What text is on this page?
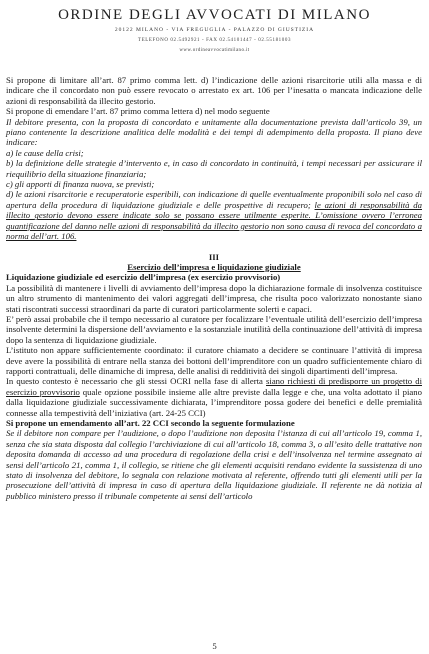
ORDINE DEGLI AVVOCATI DI MILANO
20122 MILANO - VIA FREGUGLIA - PALAZZO DI GIUSTIZIA
TELEFONO 02.5492921 - FAX 02.54101447 - 02.55181003
www.ordineavvocatimilano.it

Si propone di limitare all’art. 87 primo comma lett. d) l’indicazione delle azioni risarcitorie utili alla massa e di indicare che il concordato non può essere revocato o arrestato ex art. 106 per l’inesatta o mancata indicazione delle azioni di responsabilità da illecito gestorio.

Si propone di emendare l’art. 87 primo comma lettera d) nel modo seguente

Il debitore presenta, con la proposta di concordato e unitamente alla documentazione prevista dall’articolo 39, un piano contenente la descrizione analitica delle modalità e dei tempi di adempimento della proposta. Il piano deve indicare:

a) le cause della crisi;

b) la definizione delle strategie d’intervento e, in caso di concordato in continuità, i tempi necessari per assicurare il riequilibrio della situazione finanziaria;

c) gli apporti di finanza nuova, se previsti;

d) le azioni risarcitorie e recuperatorie esperibili, con indicazione di quelle eventualmente proponibili solo nel caso di apertura della procedura di liquidazione giudiziale e delle prospettive di recupero; le azioni di responsabilità da illecito gestorio devono essere indicate solo se possano essere utilmente esperite. L’omissione ovvero l’erronea quantificazione del danno nelle azioni di responsabilità da illecito gestorio non sono causa di revoca del concordato a norma dell’art. 106.

III

Esercizio dell’impresa e liquidazione giudiziale

Liquidazione giudiziale ed esercizio dell’impresa (ex esercizio provvisorio)

La possibilità di mantenere i livelli di avviamento dell’impresa dopo la dichiarazione formale di insolvenza costituisce un altro strumento di mantenimento dei valori aggregati dell’impresa, che risulta poco valorizzato nonostante siano stati riscontrati successi straordinari da parte di curatori particolarmente solerti e capaci.

E’ però assai probabile che il tempo necessario al curatore per focalizzare l’eventuale utilità dell’esercizio dell’impresa insolvente determini la dispersione dell’avviamento e la sostanziale inutilità della continuazione dell’attività di impresa dopo la sentenza di liquidazione giudiziale.

L’istituto non appare sufficientemente coordinato: il curatore chiamato a decidere se continuare l’attività di impresa deve avere la possibilità di entrare nella stanza dei bottoni dell’imprenditore con un quadro sufficientemente chiaro di rapporti contrattuali, delle dinamiche di impresa, delle analisi di redditività dei singoli dipartimenti dell’impresa.

In questo contesto è necessario che gli stessi OCRI nella fase di allerta siano richiesti di predisporre un progetto di esercizio provvisorio quale opzione possibile insieme alle altre previste dalla legge e che, una volta adottato il piano dalla liquidazione giudiziale successivamente dichiarata, l’imprenditore possa godere dei benefici e delle premialità connesse alla tempestività dell’iniziativa (art. 24-25 CCI)

Si propone un emendamento all’art. 22 CCI secondo la seguente formulazione

Se il debitore non compare per l’audizione, o dopo l’audizione non deposita l’istanza di cui all’articolo 19, comma 1, senza che sia stata disposta dal collegio l’archiviazione di cui all’articolo 18, comma 3, o all’esito delle trattative non deposita domanda di accesso ad una procedura di regolazione della crisi e dell’insolvenza nel termine assegnato ai sensi dell’articolo 21, comma 1, il collegio, se ritiene che gli elementi acquisiti rendano evidente la sussistenza di uno stato di insolvenza del debitore, lo segnala con relazione motivata al referente, offrendo tutti gli elementi utili per la prosecuzione dell’attività di impresa in caso di apertura della liquidazione giudiziale. Il referente ne dà notizia al pubblico ministero presso il tribunale competente ai sensi dell’articolo

5
